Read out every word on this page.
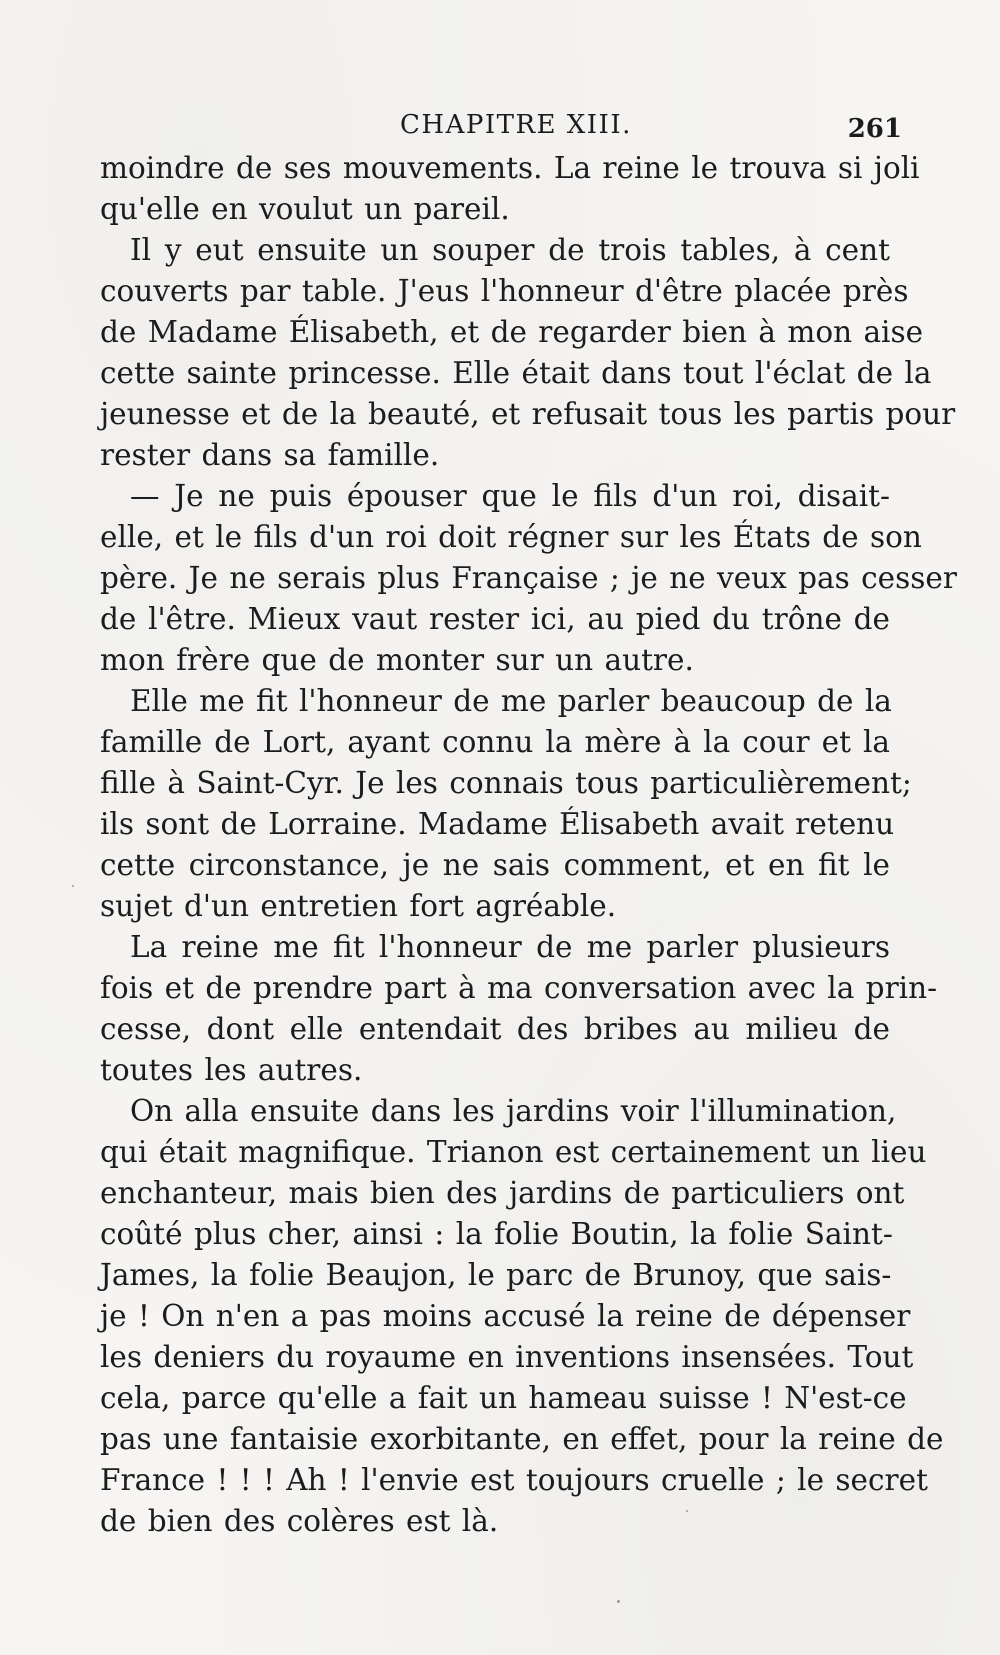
CHAPITRE XIII.	261
moindre de ses mouvements. La reine le trouva si joli
qu'elle en voulut un pareil.
Il y eut ensuite un souper de trois tables, à cent
couverts par table. J'eus l'honneur d'être placée près
de Madame Élisabeth, et de regarder bien à mon aise
cette sainte princesse. Elle était dans tout l'éclat de la
jeunesse et de la beauté, et refusait tous les partis pour
rester dans sa famille.
— Je ne puis épouser que le fils d'un roi, disait-
elle, et le fils d'un roi doit régner sur les États de son
père. Je ne serais plus Française ; je ne veux pas cesser
de l'être. Mieux vaut rester ici, au pied du trône de
mon frère que de monter sur un autre.
Elle me fit l'honneur de me parler beaucoup de la
famille de Lort, ayant connu la mère à la cour et la
fille à Saint-Cyr. Je les connais tous particulièrement;
ils sont de Lorraine. Madame Élisabeth avait retenu
cette circonstance, je ne sais comment, et en fit le
sujet d'un entretien fort agréable.
La reine me fit l'honneur de me parler plusieurs
fois et de prendre part à ma conversation avec la prin-
cesse, dont elle entendait des bribes au milieu de
toutes les autres.
On alla ensuite dans les jardins voir l'illumination,
qui était magnifique. Trianon est certainement un lieu
enchanteur, mais bien des jardins de particuliers ont
coûté plus cher, ainsi : la folie Boutin, la folie Saint-
James, la folie Beaujon, le parc de Brunoy, que sais-
je ! On n'en a pas moins accusé la reine de dépenser
les deniers du royaume en inventions insensées. Tout
cela, parce qu'elle a fait un hameau suisse ! N'est-ce
pas une fantaisie exorbitante, en effet, pour la reine de
France ! ! ! Ah ! l'envie est toujours cruelle ; le secret
de bien des colères est là.
